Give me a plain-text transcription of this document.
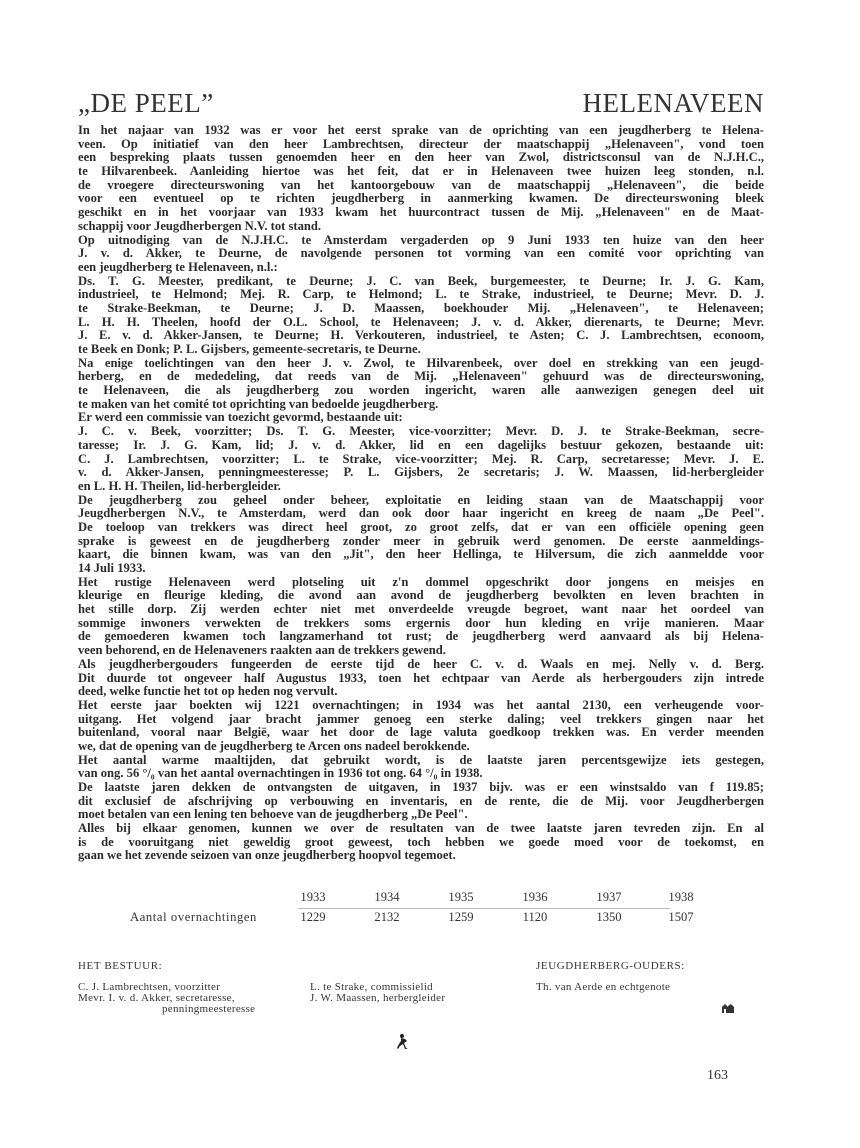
„DE PEEL”	HELENAVEEN
In het najaar van 1932 was er voor het eerst sprake van de oprichting van een jeugdherberg te Helena-
veen. Op initiatief van den heer Lambrechtsen, directeur der maatschappij „Helenaveen", vond toen
een bespreking plaats tussen genoemden heer en den heer van Zwol, districtsconsul van de N.J.H.C.,
te Hilvarenbeek. Aanleiding hiertoe was het feit, dat er in Helenaveen twee huizen leeg stonden, n.l.
de vroegere directeurswoning van het kantoorgebouw van de maatschappij „Helenaveen", die beide
voor een eventueel op te richten jeugdherberg in aanmerking kwamen. De directeurswoning bleek
geschikt en in het voorjaar van 1933 kwam het huurcontract tussen de Mij. „Helenaveen" en de Maat-
schappij voor Jeugdherbergen N.V. tot stand.
Op uitnodiging van de N.J.H.C. te Amsterdam vergaderden op 9 Juni 1933 ten huize van den heer
J. v. d. Akker, te Deurne, de navolgende personen tot vorming van een comité voor oprichting van
een jeugdherberg te Helenaveen, n.l.:
Ds. T. G. Meester, predikant, te Deurne; J. C. van Beek, burgemeester, te Deurne; Ir. J. G. Kam,
industrieel, te Helmond; Mej. R. Carp, te Helmond; L. te Strake, industrieel, te Deurne; Mevr. D. J.
te Strake-Beekman, te Deurne; J. D. Maassen, boekhouder Mij. „Helenaveen", te Helenaveen;
L. H. H. Theelen, hoofd der O.L. School, te Helenaveen; J. v. d. Akker, dierenarts, te Deurne; Mevr.
J. E. v. d. Akker-Jansen, te Deurne; H. Verkouteren, industrieel, te Asten; C. J. Lambrechtsen, econoom,
te Beek en Donk; P. L. Gijsbers, gemeente-secretaris, te Deurne.
Na enige toelichtingen van den heer J. v. Zwol, te Hilvarenbeek, over doel en strekking van een jeugd-
herberg, en de mededeling, dat reeds van de Mij. „Helenaveen" gehuurd was de directeurswoning,
te Helenaveen, die als jeugdherberg zou worden ingericht, waren alle aanwezigen genegen deel uit
te maken van het comité tot oprichting van bedoelde jeugdherberg.
Er werd een commissie van toezicht gevormd, bestaande uit:
J. C. v. Beek, voorzitter; Ds. T. G. Meester, vice-voorzitter; Mevr. D. J. te Strake-Beekman, secre-
taresse; Ir. J. G. Kam, lid; J. v. d. Akker, lid en een dagelijks bestuur gekozen, bestaande uit:
C. J. Lambrechtsen, voorzitter; L. te Strake, vice-voorzitter; Mej. R. Carp, secretaresse; Mevr. J. E.
v. d. Akker-Jansen, penningmeesteresse; P. L. Gijsbers, 2e secretaris; J. W. Maassen, lid-herbergleider
en L. H. H. Theilen, lid-herbergleider.
De jeugdherberg zou geheel onder beheer, exploitatie en leiding staan van de Maatschappij voor
Jeugdherbergen N.V., te Amsterdam, werd dan ook door haar ingericht en kreeg de naam „De Peel".
De toeloop van trekkers was direct heel groot, zo groot zelfs, dat er van een officiële opening geen
sprake is geweest en de jeugdherberg zonder meer in gebruik werd genomen. De eerste aanmeldings-
kaart, die binnen kwam, was van den „Jit", den heer Hellinga, te Hilversum, die zich aanmeldde voor
14 Juli 1933.
Het rustige Helenaveen werd plotseling uit z'n dommel opgeschrikt door jongens en meisjes en
kleurige en fleurige kleding, die avond aan avond de jeugdherberg bevolkten en leven brachten in
het stille dorp. Zij werden echter niet met onverdeelde vreugde begroet, want naar het oordeel van
sommige inwoners verwekten de trekkers soms ergernis door hun kleding en vrije manieren. Maar
de gemoederen kwamen toch langzamerhand tot rust; de jeugdherberg werd aanvaard als bij Helena-
veen behorend, en de Helenaveners raakten aan de trekkers gewend.
Als jeugdherbergouders fungeerden de eerste tijd de heer C. v. d. Waals en mej. Nelly v. d. Berg.
Dit duurde tot ongeveer half Augustus 1933, toen het echtpaar van Aerde als herbergouders zijn intrede
deed, welke functie het tot op heden nog vervult.
Het eerste jaar boekten wij 1221 overnachtingen; in 1934 was het aantal 2130, een verheugende voor-
uitgang. Het volgend jaar bracht jammer genoeg een sterke daling; veel trekkers gingen naar het
buitenland, vooral naar België, waar het door de lage valuta goedkoop trekken was. En verder meenden
we, dat de opening van de jeugdherberg te Arcen ons nadeel berokkende.
Het aantal warme maaltijden, dat gebruikt wordt, is de laatste jaren percentsgewijze iets gestegen,
van ong. 56 °/₀ van het aantal overnachtingen in 1936 tot ong. 64 °/₀ in 1938.
De laatste jaren dekken de ontvangsten de uitgaven, in 1937 bijv. was er een winstsaldo van f 119.85;
dit exclusief de afschrijving op verbouwing en inventaris, en de rente, die de Mij. voor Jeugdherbergen
moet betalen van een lening ten behoeve van de jeugdherberg „De Peel".
Alles bij elkaar genomen, kunnen we over de resultaten van de twee laatste jaren tevreden zijn. En al
is de vooruitgang niet geweldig groot geweest, toch hebben we goede moed voor de toekomst, en
gaan we het zevende seizoen van onze jeugdherberg hoopvol tegemoet.
1933	1934	1935	1936	1937	1938
Aantal overnachtingen	1229	2132	1259	1120	1350	1507
HET BESTUUR:
C. J. Lambrechtsen, voorzitter
Mevr. I. v. d. Akker, secretaresse,
penningmeesteresse
L. te Strake, commissielid
J. W. Maassen, herbergleider
JEUGDHERBERG-OUDERS:
Th. van Aerde en echtgenote
163
